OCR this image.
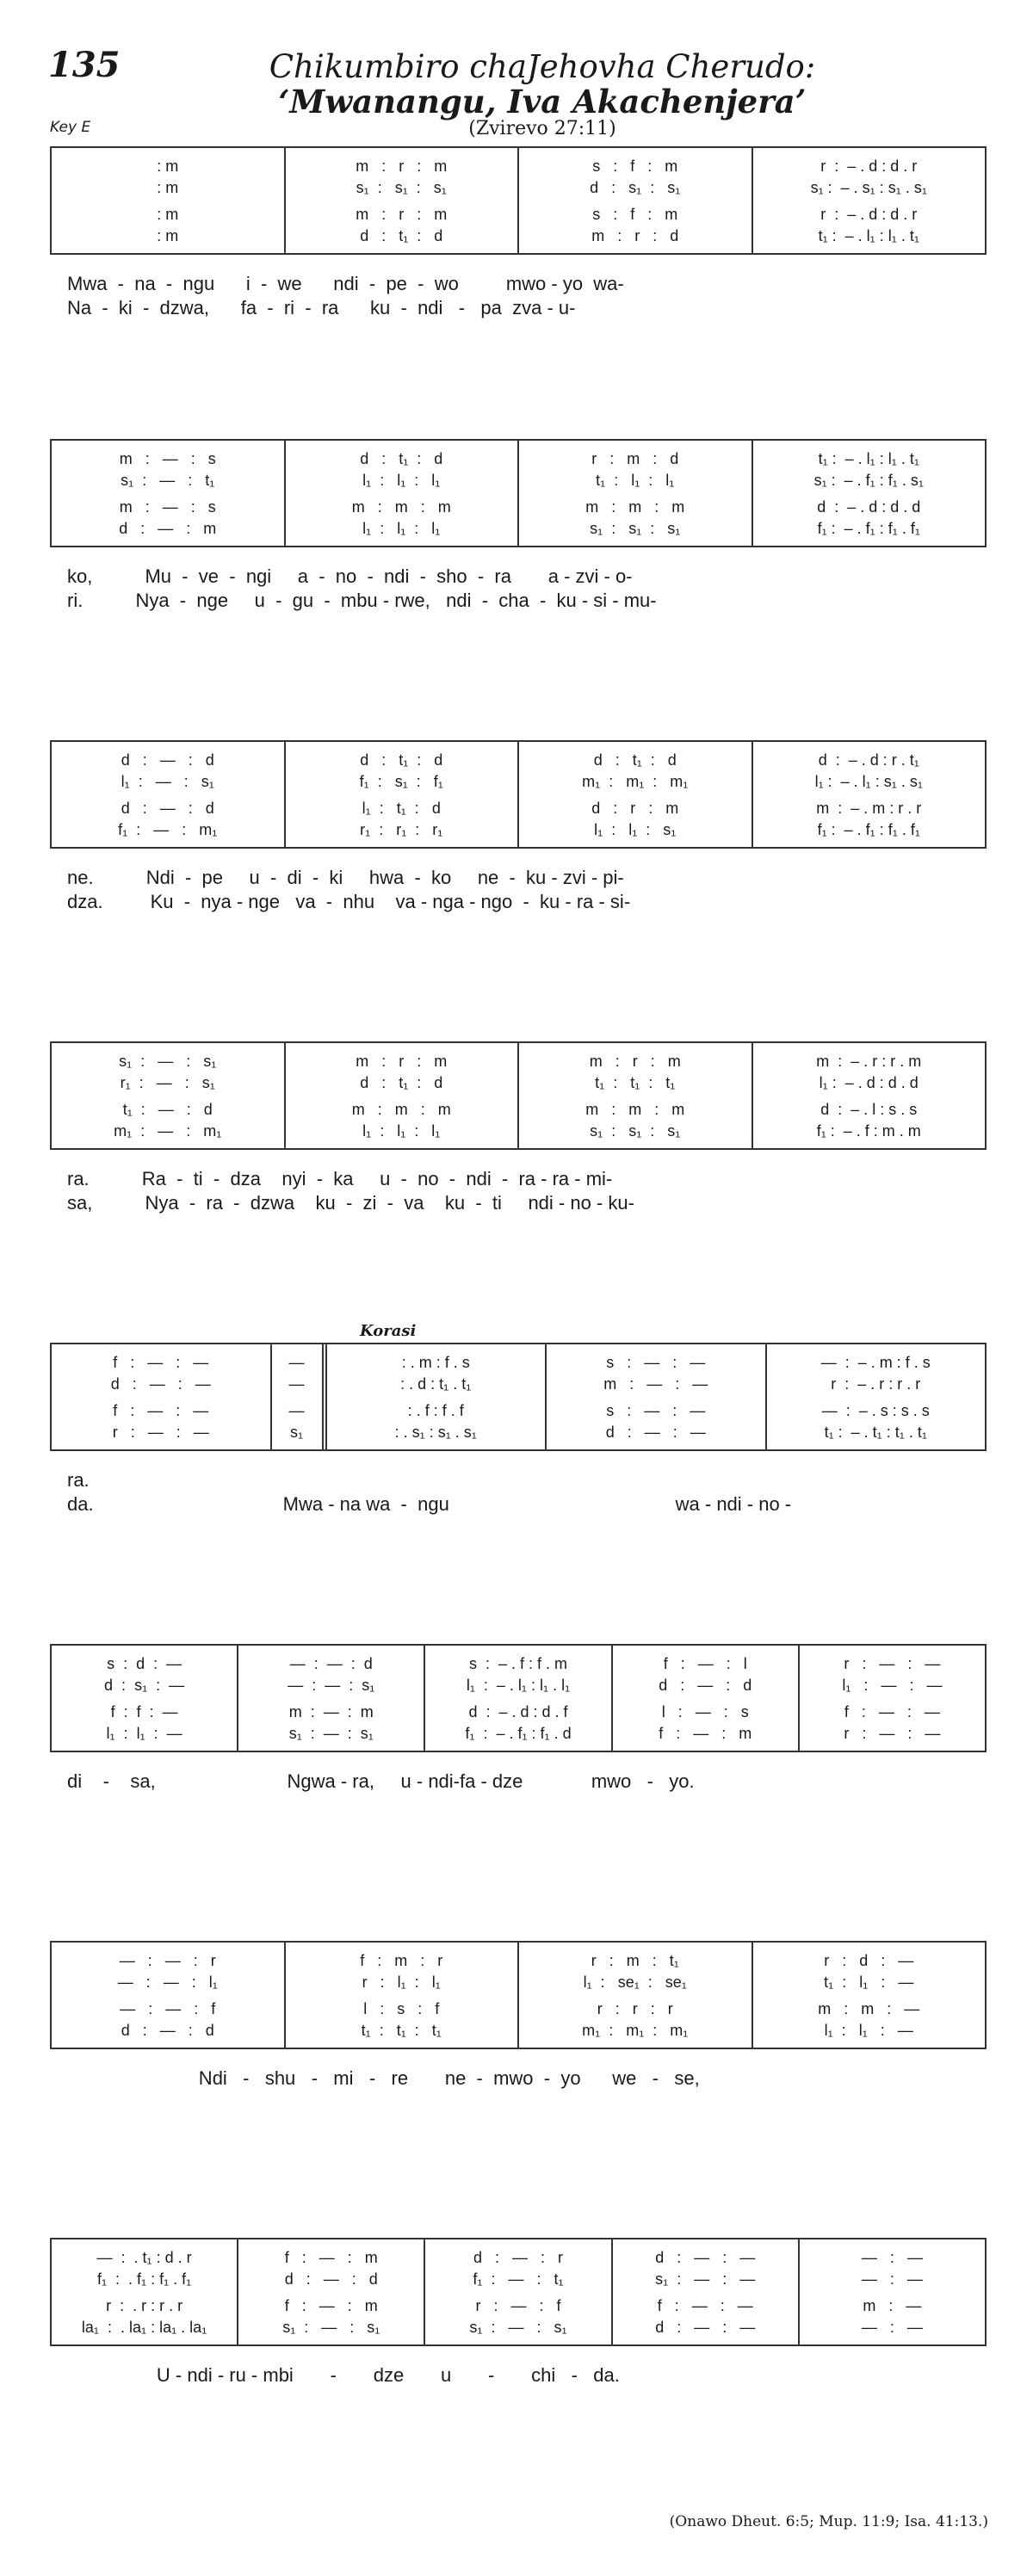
135	Chikumbiro chaJehovha Cherudo:
‘Mwanangu, Iva Akachenjera’
Key E	(Zvirevo 27:11)
: m
: m
: m
: m
m   :   r   :   m
s₁  :   s₁  :   s₁
m   :   r   :   m
d   :   t₁  :   d
s   :   f   :   m
d   :   s₁  :   s₁
s   :   f   :   m
m   :   r   :   d
r  :  – . d : d . r
s₁ :  – . s₁ : s₁ . s₁
r  :  – . d : d . r
t₁ :  – . l₁ : l₁ . t₁
Mwa  -  na  -  ngu      i  -  we      ndi  -  pe  -  wo         mwo - yo  wa-
Na  -  ki  -  dzwa,      fa  -  ri  -  ra      ku  -  ndi   -   pa  zva - u-
m   :   —   :   s
s₁  :   —   :   t₁
m   :   —   :   s
d   :   —   :   m
d   :   t₁  :   d
l₁  :   l₁  :   l₁
m   :   m   :   m
l₁  :   l₁  :   l₁
r   :   m   :   d
t₁  :   l₁  :   l₁
m   :   m   :   m
s₁  :   s₁  :   s₁
t₁ :  – . l₁ : l₁ . t₁
s₁ :  – . f₁ : f₁ . s₁
d  :  – . d : d . d
f₁ :  – . f₁ : f₁ . f₁
ko,          Mu  -  ve  -  ngi     a  -  no  -  ndi  -  sho  -  ra       a - zvi - o-
ri.          Nya  -  nge     u  -  gu  -  mbu - rwe,   ndi  -  cha  -  ku - si - mu-
d   :   —   :   d
l₁  :   —   :   s₁
d   :   —   :   d
f₁  :   —   :   m₁
d   :   t₁  :   d
f₁  :   s₁  :   f₁
l₁  :   t₁  :   d
r₁  :   r₁  :   r₁
d   :   t₁  :   d
m₁  :   m₁  :   m₁
d   :   r   :   m
l₁  :   l₁  :   s₁
d  :  – . d : r . t₁
l₁ :  – . l₁ : s₁ . s₁
m  :  – . m : r . r
f₁ :  – . f₁ : f₁ . f₁
ne.          Ndi  -  pe     u  -  di  -  ki     hwa  -  ko     ne  -  ku - zvi - pi-
dza.         Ku  -  nya - nge   va  -  nhu    va - nga - ngo  -  ku - ra - si-
s₁  :   —   :   s₁
r₁  :   —   :   s₁
t₁  :   —   :   d
m₁  :   —   :   m₁
m   :   r   :   m
d   :   t₁  :   d
m   :   m   :   m
l₁  :   l₁  :   l₁
m   :   r   :   m
t₁  :   t₁  :   t₁
m   :   m   :   m
s₁  :   s₁  :   s₁
m  :  – . r : r . m
l₁ :  – . d : d . d
d  :  – . l : s . s
f₁ :  – . f : m . m
ra.          Ra  -  ti  -  dza    nyi  -  ka     u  -  no  -  ndi  -  ra - ra - mi-
sa,          Nya  -  ra  -  dzwa    ku  -  zi  -  va    ku  -  ti     ndi - no - ku-
f   :   —   :   —
d   :   —   :   —
f   :   —   :   —
r   :   —   :   —
—
—
—
s₁
: . m : f . s
: . d : t₁ . t₁
: . f : f . f
: . s₁ : s₁ . s₁
s   :   —   :   —
m   :   —   :   —
s   :   —   :   —
d   :   —   :   —
—  :  – . m : f . s
r  :  – . r : r . r
—  :  – . s : s . s
t₁ :  – . t₁ : t₁ . t₁
ra.
da.                                    Mwa - na wa  -  ngu                                           wa - ndi - no -
s  :  d  :  —
d  :  s₁  :  —
f  :  f  :  —
l₁  :  l₁  :  —
—  :  —  :  d
—  :  —  :  s₁
m  :  —  :  m
s₁  :  —  :  s₁
s  :  – . f : f . m
l₁  :  – . l₁ : l₁ . l₁
d  :  – . d : d . f
f₁  :  – . f₁ : f₁ . d
f   :   —   :   l
d   :   —   :   d
l   :   —   :   s
f   :   —   :   m
r   :   —   :   —
l₁   :   —   :   —
f   :   —   :   —
r   :   —   :   —
di    -    sa,                         Ngwa - ra,     u - ndi-fa - dze             mwo   -   yo.
—   :   —   :   r
—   :   —   :   l₁
—   :   —   :   f
d   :   —   :   d
f   :   m   :   r
r   :   l₁  :   l₁
l   :   s   :   f
t₁  :   t₁  :   t₁
r   :   m   :   t₁
l₁  :   se₁  :   se₁
r   :   r   :   r
m₁  :   m₁  :   m₁
r   :   d   :   —
t₁  :   l₁   :   —
m   :   m   :   —
l₁  :   l₁   :   —
Ndi   -   shu   -   mi   -   re       ne  -  mwo  -  yo      we   -   se,
—  :  . t₁ : d . r
f₁  :  . f₁ : f₁ . f₁
r  :  . r : r . r
la₁  :  . la₁ : la₁ . la₁
f   :   —   :   m
d   :   —   :   d
f   :   —   :   m
s₁  :   —   :   s₁
d   :   —   :   r
f₁  :   —   :   t₁
r   :   —   :   f
s₁  :   —   :   s₁
d   :   —   :   —
s₁  :   —   :   —
f   :   —   :   —
d   :   —   :   —
—   :   —
—   :   —
m   :   —
—   :   —
U - ndi - ru - mbi       -       dze       u       -       chi   -   da.
Korasi
(Onawo Dheut. 6:5; Mup. 11:9; Isa. 41:13.)
